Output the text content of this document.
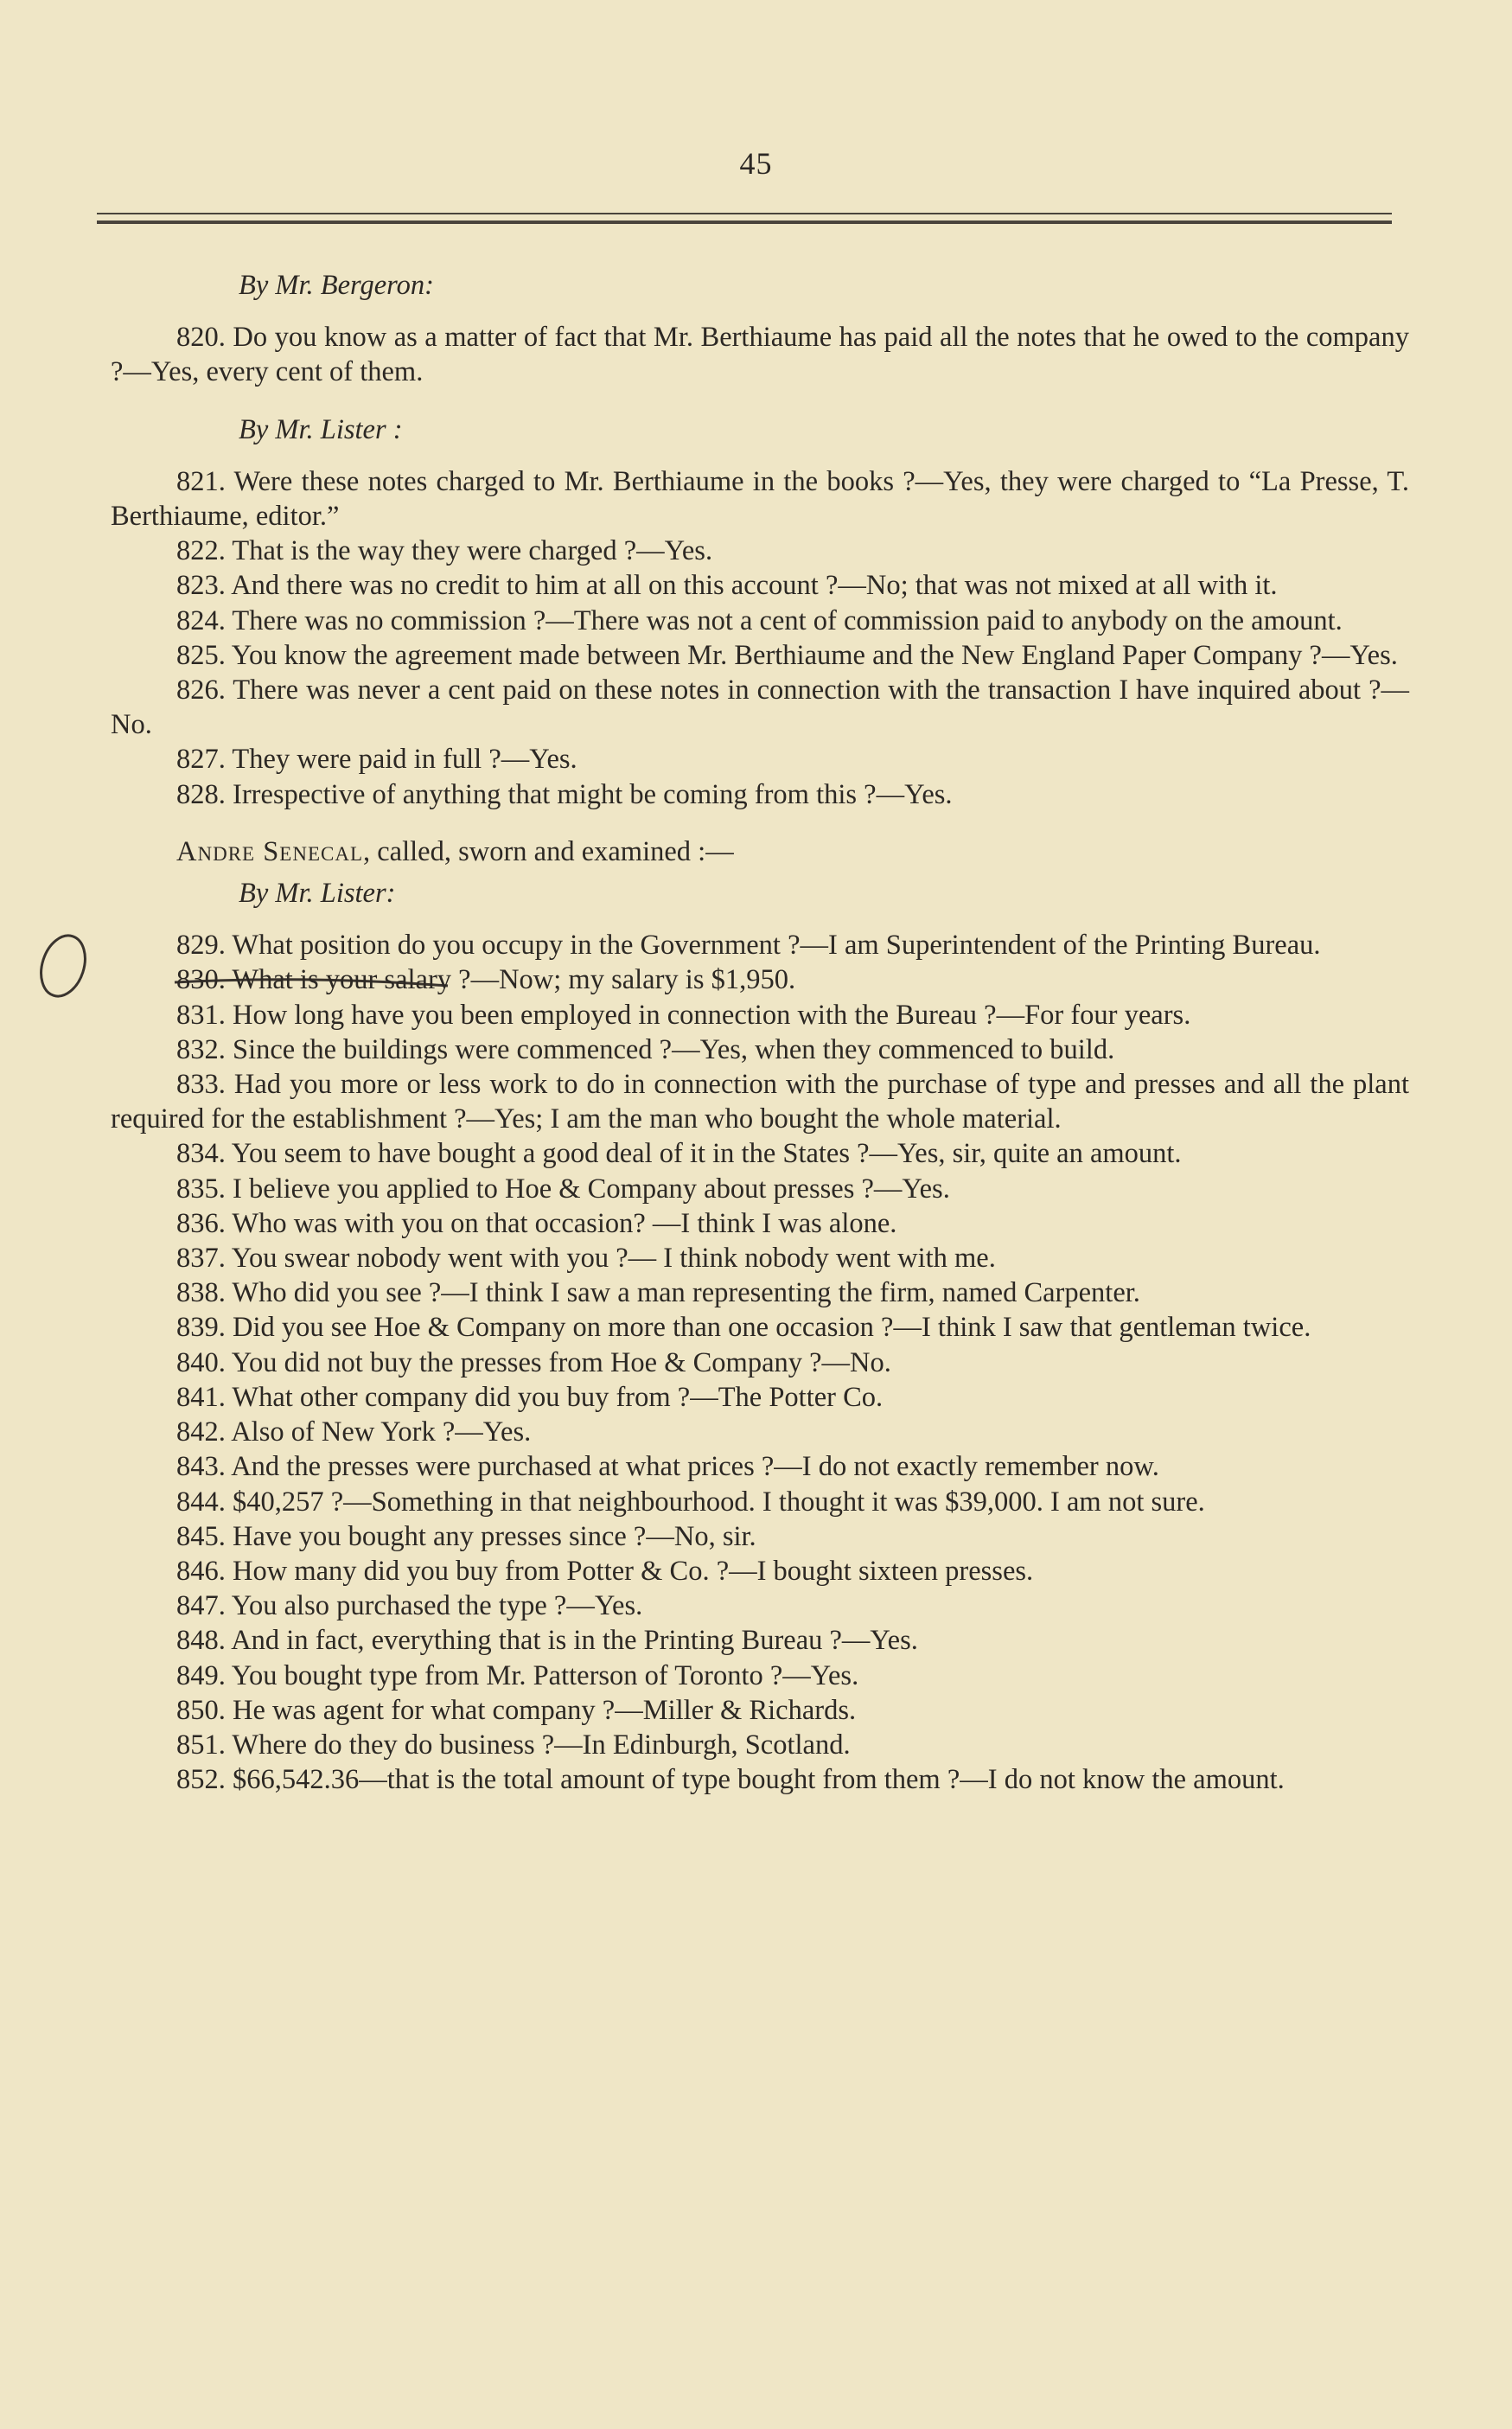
45

By Mr. Bergeron:

820. Do you know as a matter of fact that Mr. Berthiaume has paid all the notes that he owed to the company ?—Yes, every cent of them.

By Mr. Lister :

821. Were these notes charged to Mr. Berthiaume in the books ?—Yes, they were charged to “La Presse, T. Berthiaume, editor.”

822. That is the way they were charged ?—Yes.

823. And there was no credit to him at all on this account ?—No; that was not mixed at all with it.

824. There was no commission ?—There was not a cent of commission paid to anybody on the amount.

825. You know the agreement made between Mr. Berthiaume and the New England Paper Company ?—Yes.

826. There was never a cent paid on these notes in connection with the transaction I have inquired about ?—No.

827. They were paid in full ?—Yes.

828. Irrespective of anything that might be coming from this ?—Yes.

Andre Senecal, called, sworn and examined :—

By Mr. Lister:

829. What position do you occupy in the Government ?—I am Superintendent of the Printing Bureau.

830. What is your salary ?—Now; my salary is $1,950.

831. How long have you been employed in connection with the Bureau ?—For four years.

832. Since the buildings were commenced ?—Yes, when they commenced to build.

833. Had you more or less work to do in connection with the purchase of type and presses and all the plant required for the establishment ?—Yes; I am the man who bought the whole material.

834. You seem to have bought a good deal of it in the States ?—Yes, sir, quite an amount.

835. I believe you applied to Hoe & Company about presses ?—Yes.

836. Who was with you on that occasion? —I think I was alone.

837. You swear nobody went with you ?— I think nobody went with me.

838. Who did you see ?—I think I saw a man representing the firm, named Carpenter.

839. Did you see Hoe & Company on more than one occasion ?—I think I saw that gentleman twice.

840. You did not buy the presses from Hoe & Company ?—No.

841. What other company did you buy from ?—The Potter Co.

842. Also of New York ?—Yes.

843. And the presses were purchased at what prices ?—I do not exactly remember now.

844. $40,257 ?—Something in that neighbourhood. I thought it was $39,000. I am not sure.

845. Have you bought any presses since ?—No, sir.

846. How many did you buy from Potter & Co. ?—I bought sixteen presses.

847. You also purchased the type ?—Yes.

848. And in fact, everything that is in the Printing Bureau ?—Yes.

849. You bought type from Mr. Patterson of Toronto ?—Yes.

850. He was agent for what company ?—Miller & Richards.

851. Where do they do business ?—In Edinburgh, Scotland.

852. $66,542.36—that is the total amount of type bought from them ?—I do not know the amount.
